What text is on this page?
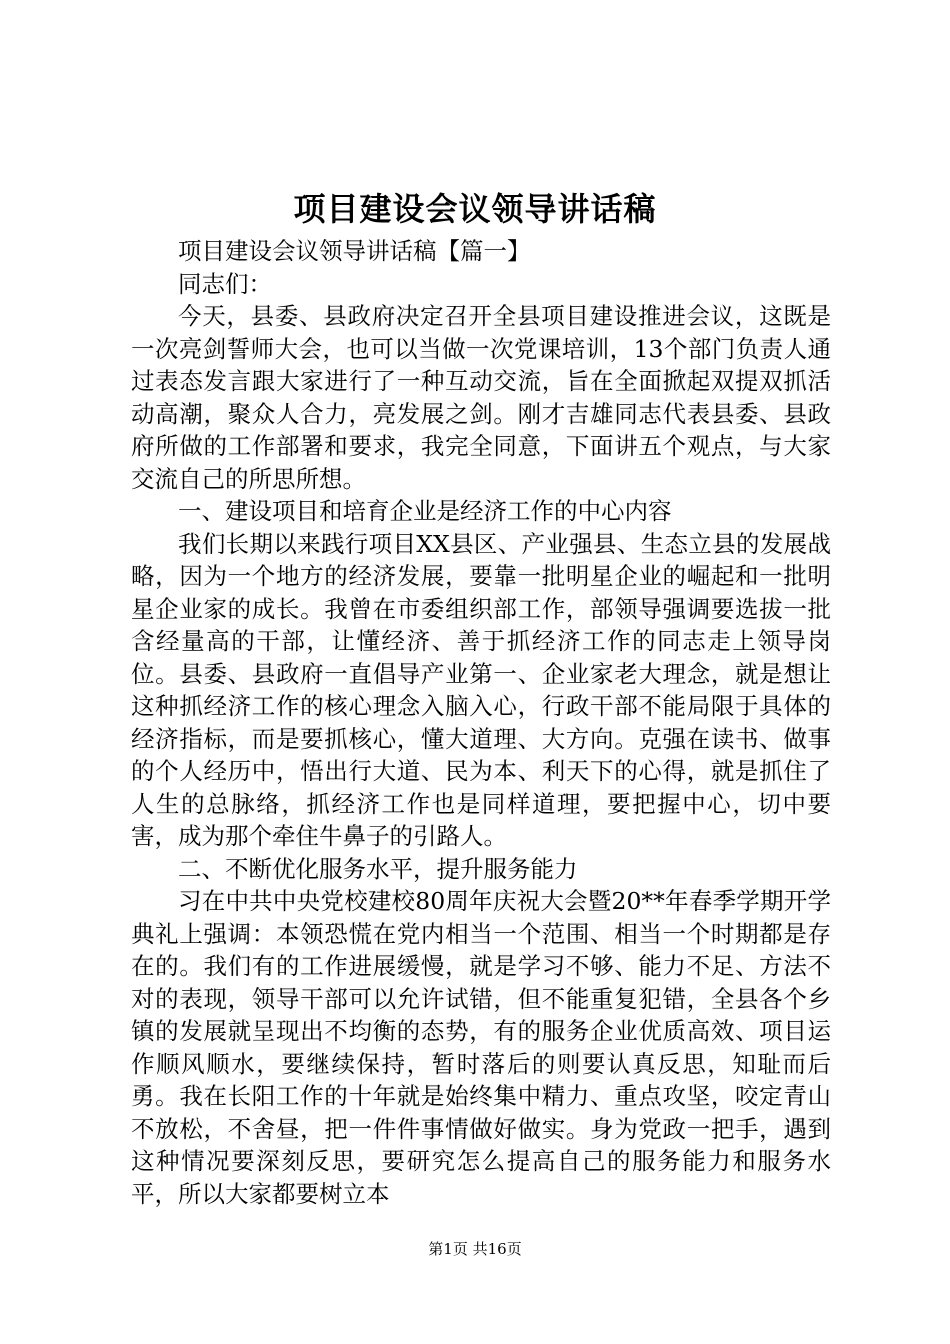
项目建设会议领导讲话稿

项目建设会议领导讲话稿【篇一】

同志们：

今天，县委、县政府决定召开全县项目建设推进会议，这既是一次亮剑誓师大会，也可以当做一次党课培训，13个部门负责人通过表态发言跟大家进行了一种互动交流，旨在全面掀起双提双抓活动高潮，聚众人合力，亮发展之剑。刚才吉雄同志代表县委、县政府所做的工作部署和要求，我完全同意，下面讲五个观点，与大家交流自己的所思所想。

一、建设项目和培育企业是经济工作的中心内容

我们长期以来践行项目XX县区、产业强县、生态立县的发展战略，因为一个地方的经济发展，要靠一批明星企业的崛起和一批明星企业家的成长。我曾在市委组织部工作，部领导强调要选拔一批含经量高的干部，让懂经济、善于抓经济工作的同志走上领导岗位。县委、县政府一直倡导产业第一、企业家老大理念，就是想让这种抓经济工作的核心理念入脑入心，行政干部不能局限于具体的经济指标，而是要抓核心，懂大道理、大方向。克强在读书、做事的个人经历中，悟出行大道、民为本、利天下的心得，就是抓住了人生的总脉络，抓经济工作也是同样道理，要把握中心，切中要害，成为那个牵住牛鼻子的引路人。

二、不断优化服务水平，提升服务能力

习在中共中央党校建校80周年庆祝大会暨20**年春季学期开学典礼上强调：本领恐慌在党内相当一个范围、相当一个时期都是存在的。我们有的工作进展缓慢，就是学习不够、能力不足、方法不对的表现，领导干部可以允许试错，但不能重复犯错，全县各个乡镇的发展就呈现出不均衡的态势，有的服务企业优质高效、项目运作顺风顺水，要继续保持，暂时落后的则要认真反思，知耻而后勇。我在长阳工作的十年就是始终集中精力、重点攻坚，咬定青山不放松，不舍昼，把一件件事情做好做实。身为党政一把手，遇到这种情况要深刻反思，要研究怎么提高自己的服务能力和服务水平，所以大家都要树立本

第1页 共16页
